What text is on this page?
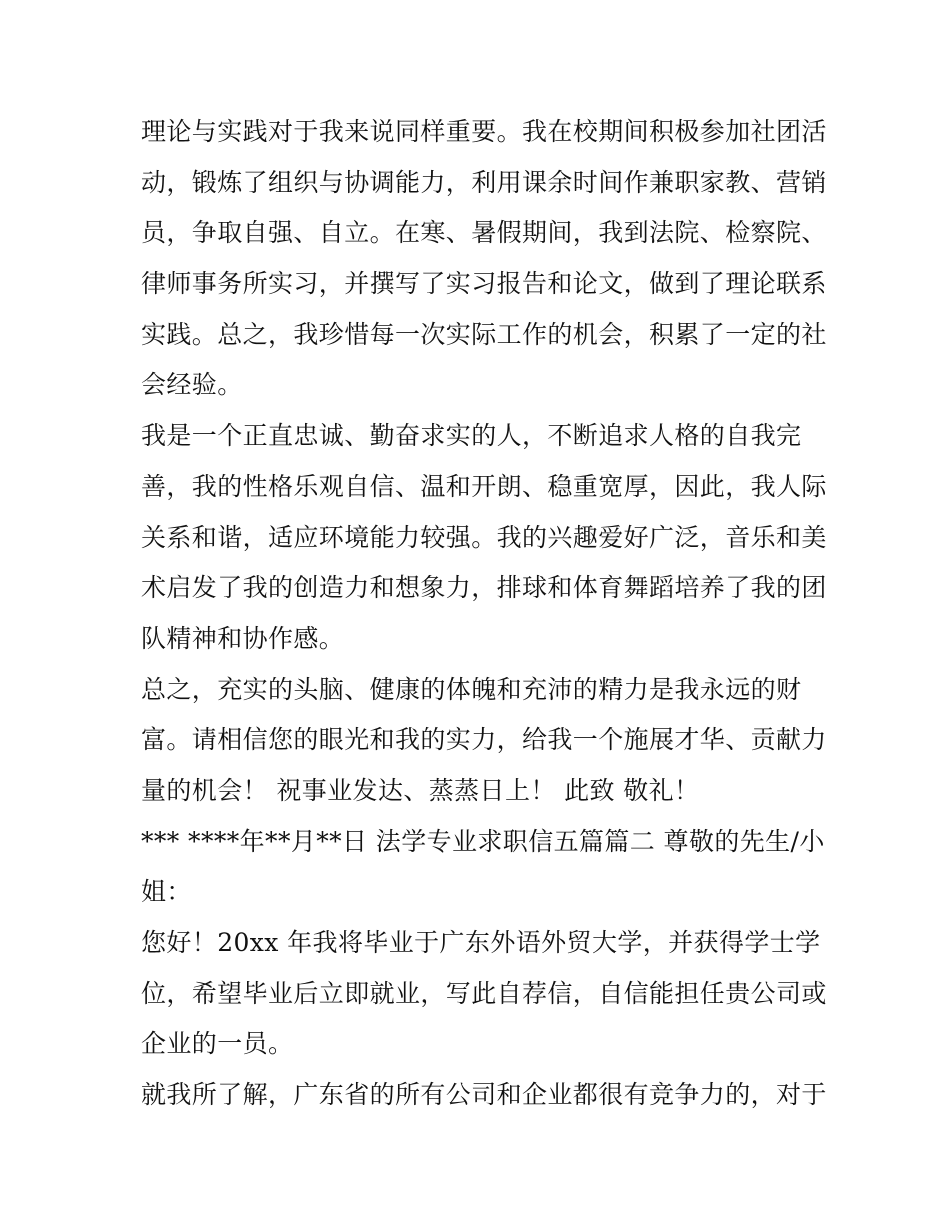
理论与实践对于我来说同样重要。我在校期间积极参加社团活
动，锻炼了组织与协调能力，利用课余时间作兼职家教、营销
员，争取自强、自立。在寒、暑假期间，我到法院、检察院、
律师事务所实习，并撰写了实习报告和论文，做到了理论联系
实践。总之，我珍惜每一次实际工作的机会，积累了一定的社
会经验。
我是一个正直忠诚、勤奋求实的人，不断追求人格的自我完
善，我的性格乐观自信、温和开朗、稳重宽厚，因此，我人际
关系和谐，适应环境能力较强。我的兴趣爱好广泛，音乐和美
术启发了我的创造力和想象力，排球和体育舞蹈培养了我的团
队精神和协作感。
总之，充实的头脑、健康的体魄和充沛的精力是我永远的财
富。请相信您的眼光和我的实力，给我一个施展才华、贡献力
量的机会！ 祝事业发达、蒸蒸日上！ 此致 敬礼！
*** ****年**月**日 法学专业求职信五篇篇二 尊敬的先生/小
姐：
您好！20xx 年我将毕业于广东外语外贸大学，并获得学士学
位，希望毕业后立即就业，写此自荐信，自信能担任贵公司或
企业的一员。
就我所了解，广东省的所有公司和企业都很有竞争力的，对于
